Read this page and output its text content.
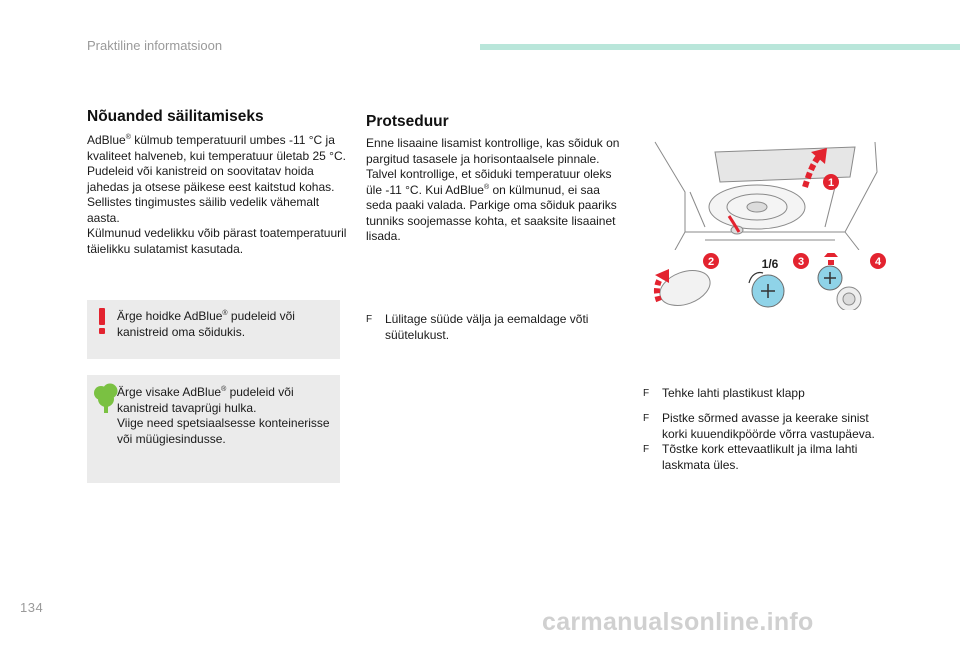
Praktiline informatsioon
Nõuanded säilitamiseks

AdBlue® külmub temperatuuril umbes -11 °C ja kvaliteet halveneb, kui temperatuur ületab 25 °C. Pudeleid või kanistreid on soovitatav hoida jahedas ja otsese päikese eest kaitstud kohas.

Sellistes tingimustes säilib vedelik vähemalt aasta.

Külmunud vedelikku võib pärast toatemperatuuril täielikku sulatamist kasutada.

Ärge hoidke AdBlue® pudeleid või kanistreid oma sõidukis.
Ärge visake AdBlue® pudeleid või kanistreid tavaprügi hulka.
Viige need spetsiaalsesse konteinerisse või müügiesindusse.
Protseduur
Enne lisaaine lisamist kontrollige, kas sõiduk on pargitud tasasele ja horisontaalsele pinnale. Talvel kontrollige, et sõiduki temperatuur oleks üle -11 °C. Kui AdBlue® on külmunud, ei saa seda paaki valada. Parkige oma sõiduk paariks tunniks soojemasse kohta, et saaksite lisaainet lisada.
F	Lülitage süüde välja ja eemaldage võti süütelukust.
1
1/6
2	3	4
F	Tehke lahti plastikust klapp
F	Pistke sõrmed avasse ja keerake sinist korki kuuendikpöörde võrra vastupäeva.
F	Tõstke kork ettevaatlikult ja ilma lahti laskmata üles.
134
carmanualsonline.info
